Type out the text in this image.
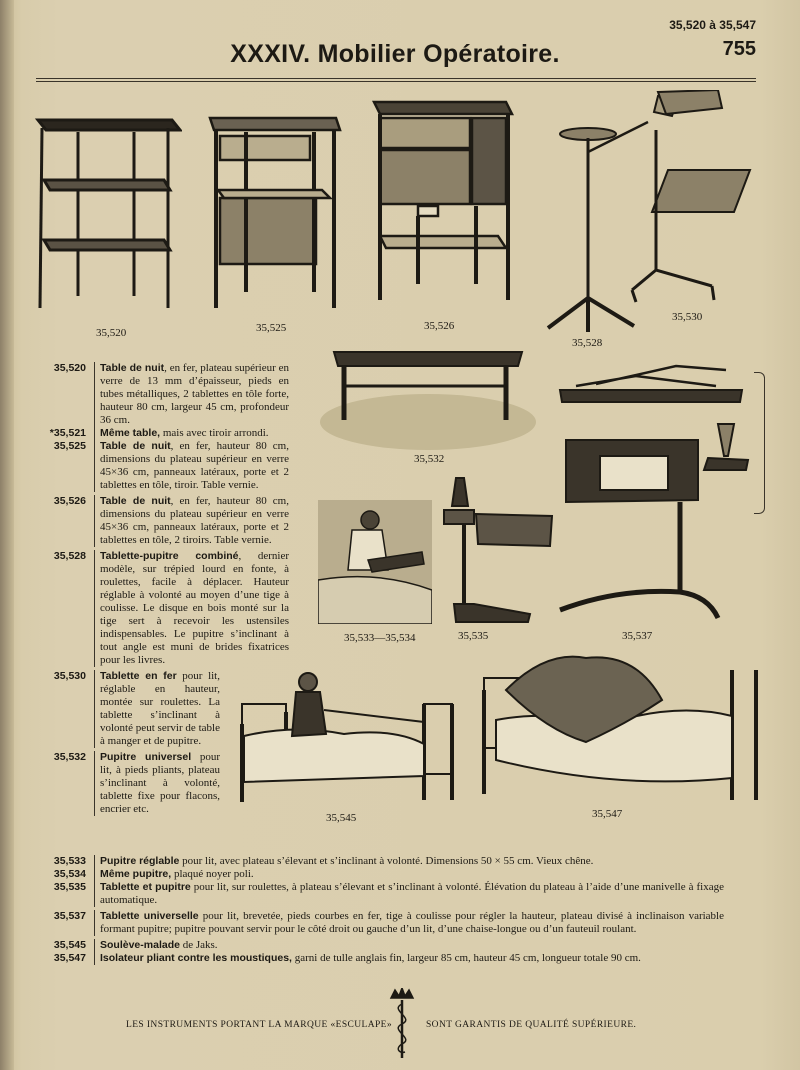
35,520 à 35,547
755
XXXIV. Mobilier Opératoire.
35,520	35,525	35,526
35,528
35,530
35,532
35,533—35,534	35,535	35,537
35,545	35,547
35,520	Table de nuit, en fer, plateau supérieur en verre de 13 mm d’épaisseur, pieds en tubes métalliques, 2 tablettes en tôle forte, hauteur 80 cm, largeur 45 cm, profondeur 36 cm.
*35,521	Même table, mais avec tiroir arrondi.
35,525	Table de nuit, en fer, hauteur 80 cm, dimensions du plateau supérieur en verre 45×36 cm, panneaux latéraux, porte et 2 tablettes en tôle, tiroir. Table vernie.
35,526	Table de nuit, en fer, hauteur 80 cm, dimensions du plateau supérieur en verre 45×36 cm, panneaux latéraux, porte et 2 tablettes en tôle, 2 tiroirs. Table vernie.
35,528	Tablette-pupitre combiné, dernier modèle, sur trépied lourd en fonte, à roulettes, facile à déplacer. Hauteur réglable à volonté au moyen d’une tige à coulisse. Le disque en bois monté sur la tige sert à recevoir les ustensiles indispensables. Le pupitre s’inclinant à tout angle est muni de brides fixatrices pour les livres.
35,530	Tablette en fer pour lit, réglable en hauteur, montée sur roulettes. La tablette s’inclinant à volonté peut servir de table à manger et de pupitre.
35,532	Pupitre universel pour lit, à pieds pliants, plateau s’inclinant à volonté, tablette fixe pour flacons, encrier etc.
35,533	Pupitre réglable pour lit, avec plateau s’élevant et s’inclinant à volonté. Dimensions 50 × 55 cm. Vieux chêne.
35,534	Même pupitre, plaqué noyer poli.
35,535	Tablette et pupitre pour lit, sur roulettes, à plateau s’élevant et s’inclinant à volonté. Élévation du plateau à l’aide d’une manivelle à fixage automatique.
35,537	Tablette universelle pour lit, brevetée, pieds courbes en fer, tige à coulisse pour régler la hauteur, plateau divisé à inclinaison variable formant pupitre; pupitre pouvant servir pour le côté droit ou gauche d’un lit, d’une chaise-longue ou d’un fauteuil roulant.
35,545	Soulève-malade de Jaks.
35,547	Isolateur pliant contre les moustiques, garni de tulle anglais fin, largeur 85 cm, hauteur 45 cm, longueur totale 90 cm.
LES INSTRUMENTS PORTANT LA MARQUE «ESCULAPE»	SONT GARANTIS DE QUALITÉ SUPÉRIEURE.
